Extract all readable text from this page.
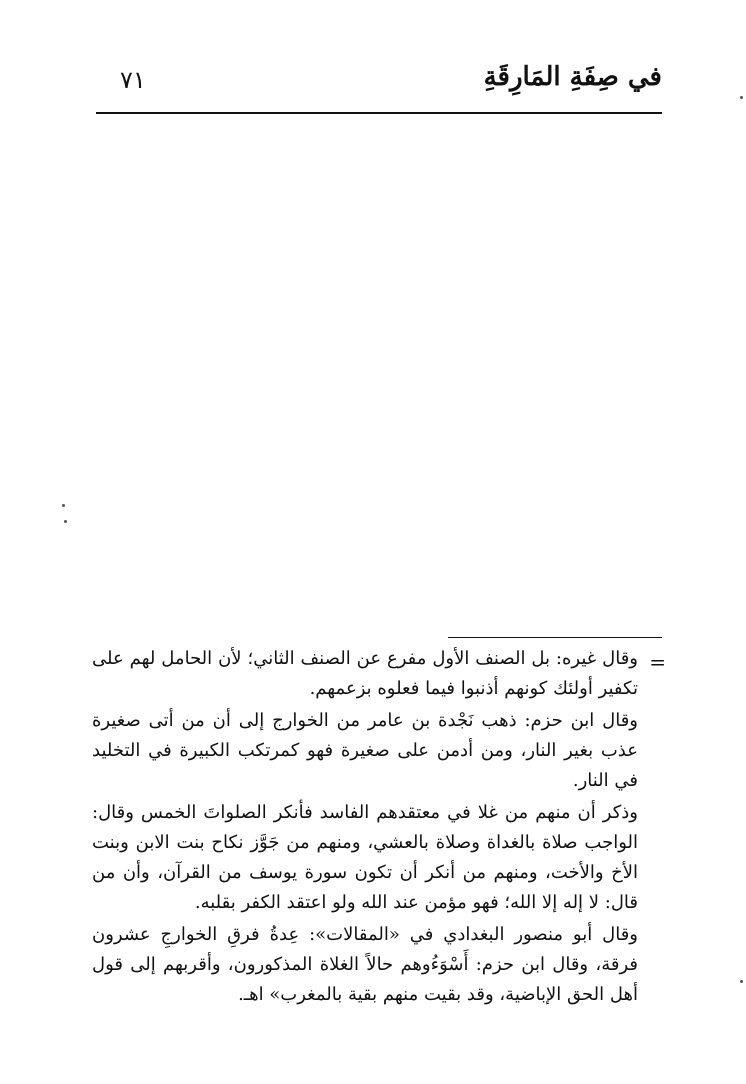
٧١	في صِفَةِ المَارِقَةِ
=

وقال غيره: بل الصنف الأول مفرع عن الصنف الثاني؛ لأن الحامل لهم على تكفير أولئك كونهم أذنبوا فيما فعلوه بزعمهم.

وقال ابن حزم: ذهب نَجْدة بن عامر من الخوارج إلى أن من أتى صغيرة عذب بغير النار، ومن أدمن على صغيرة فهو كمرتكب الكبيرة في التخليد في النار.

وذكر أن منهم من غلا في معتقدهم الفاسد فأنكر الصلواتَ الخمس وقال: الواجب صلاة بالغداة وصلاة بالعشي، ومنهم من جَوَّز نكاح بنت الابن وبنت الأخ والأخت، ومنهم من أنكر أن تكون سورة يوسف من القرآن، وأن من قال: لا إله إلا الله؛ فهو مؤمن عند الله ولو اعتقد الكفر بقلبه.

وقال أبو منصور البغدادي في «المقالات»: عِدةُ فرقِ الخوارجِ عشرون فرقة، وقال ابن حزم: أَسْوَءُوهم حالاً الغلاة المذكورون، وأقربهم إلى قول أهل الحق الإباضية، وقد بقيت منهم بقية بالمغرب» اهـ.
